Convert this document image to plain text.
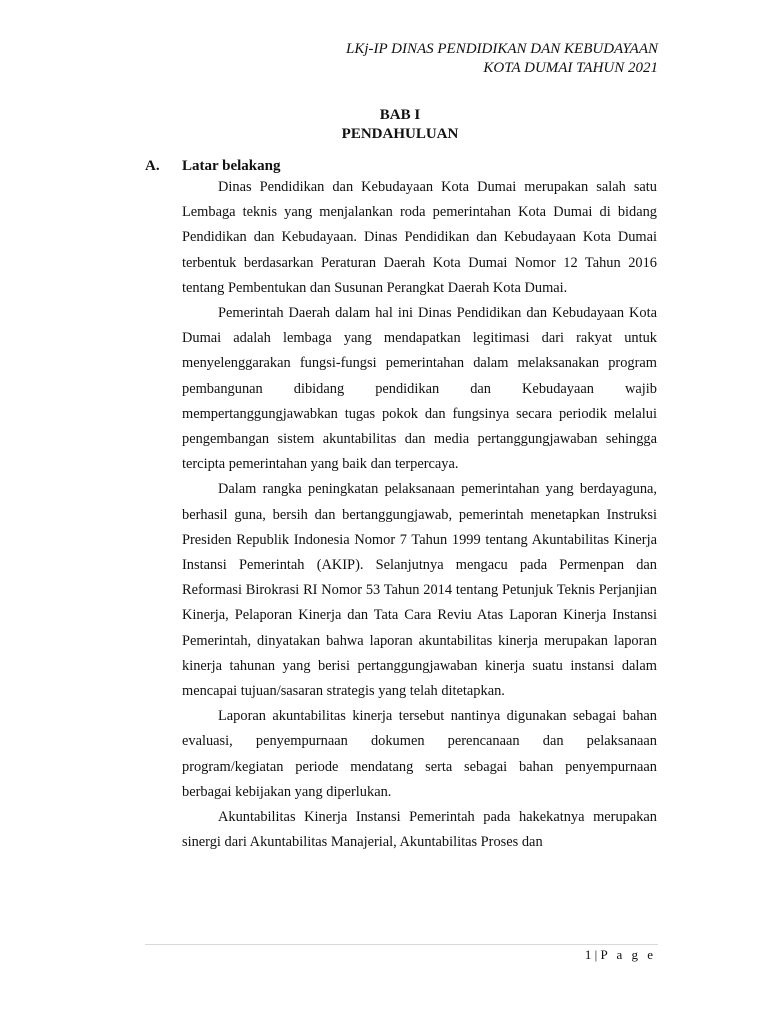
LKj-IP DINAS PENDIDIKAN DAN KEBUDAYAAN
KOTA DUMAI TAHUN 2021
BAB I
PENDAHULUAN
A. Latar belakang

Dinas Pendidikan dan Kebudayaan Kota Dumai merupakan salah satu Lembaga teknis yang menjalankan roda pemerintahan Kota Dumai di bidang Pendidikan dan Kebudayaan. Dinas Pendidikan dan Kebudayaan Kota Dumai terbentuk berdasarkan Peraturan Daerah Kota Dumai Nomor 12 Tahun 2016 tentang Pembentukan dan Susunan Perangkat Daerah Kota Dumai.

Pemerintah Daerah dalam hal ini Dinas Pendidikan dan Kebudayaan Kota Dumai adalah lembaga yang mendapatkan legitimasi dari rakyat untuk menyelenggarakan fungsi-fungsi pemerintahan dalam melaksanakan program pembangunan dibidang pendidikan dan Kebudayaan wajib mempertanggungjawabkan tugas pokok dan fungsinya secara periodik melalui pengembangan sistem akuntabilitas dan media pertanggungjawaban sehingga tercipta pemerintahan yang baik dan terpercaya.

Dalam rangka peningkatan pelaksanaan pemerintahan yang berdayaguna, berhasil guna, bersih dan bertanggungjawab, pemerintah menetapkan Instruksi Presiden Republik Indonesia Nomor 7 Tahun 1999 tentang Akuntabilitas Kinerja Instansi Pemerintah (AKIP). Selanjutnya mengacu pada Permenpan dan Reformasi Birokrasi RI Nomor 53 Tahun 2014 tentang Petunjuk Teknis Perjanjian Kinerja, Pelaporan Kinerja dan Tata Cara Reviu Atas Laporan Kinerja Instansi Pemerintah, dinyatakan bahwa laporan akuntabilitas kinerja merupakan laporan kinerja tahunan yang berisi pertanggungjawaban kinerja suatu instansi dalam mencapai tujuan/sasaran strategis yang telah ditetapkan.

Laporan akuntabilitas kinerja tersebut nantinya digunakan sebagai bahan evaluasi, penyempurnaan dokumen perencanaan dan pelaksanaan program/kegiatan periode mendatang serta sebagai bahan penyempurnaan berbagai kebijakan yang diperlukan.

Akuntabilitas Kinerja Instansi Pemerintah pada hakekatnya merupakan sinergi dari Akuntabilitas Manajerial, Akuntabilitas Proses dan

1 | P a g e
